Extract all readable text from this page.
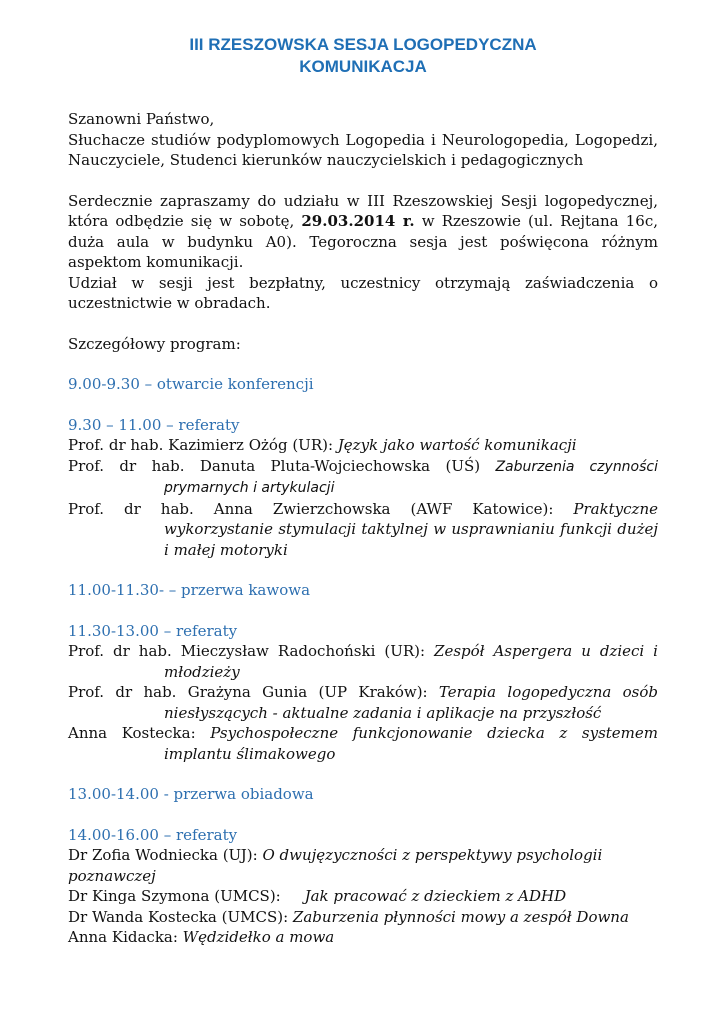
III RZESZOWSKA SESJA LOGOPEDYCZNA
KOMUNIKACJA

Szanowni Państwo,

Słuchacze studiów podyplomowych Logopedia i Neurologopedia, Logopedzi, Nauczyciele, Studenci kierunków nauczycielskich i pedagogicznych

Serdecznie zapraszamy do udziału w III Rzeszowskiej Sesji logopedycznej, która odbędzie się w sobotę, 29.03.2014 r. w Rzeszowie (ul. Rejtana 16c, duża aula w budynku A0). Tegoroczna sesja jest poświęcona różnym aspektom komunikacji.

Udział w sesji jest bezpłatny, uczestnicy otrzymają zaświadczenia o uczestnictwie w obradach.

Szczegółowy program:

9.00-9.30 – otwarcie konferencji
9.30 – 11.00 – referaty
Prof. dr hab. Kazimierz Ożóg (UR): Język jako wartość komunikacji
Prof. dr hab. Danuta Pluta-Wojciechowska (UŚ) Zaburzenia czynności prymarnych i artykulacji
Prof. dr hab. Anna Zwierzchowska (AWF Katowice): Praktyczne wykorzystanie stymulacji taktylnej w usprawnianiu funkcji dużej i małej motoryki
11.00-11.30- – przerwa kawowa
11.30-13.00 – referaty
Prof. dr hab. Mieczysław Radochoński (UR): Zespół Aspergera u dzieci i młodzieży
Prof. dr hab. Grażyna Gunia (UP Kraków): Terapia logopedyczna osób niesłyszących - aktualne zadania i aplikacje na przyszłość
Anna Kostecka: Psychospołeczne funkcjonowanie dziecka z systemem implantu ślimakowego
13.00-14.00 - przerwa obiadowa
14.00-16.00 – referaty
Dr Zofia Wodniecka (UJ): O dwujęzyczności z perspektywy psychologii poznawczej
Dr Kinga Szymona (UMCS):     Jak pracować z dzieckiem z ADHD
Dr Wanda Kostecka (UMCS): Zaburzenia płynności mowy a zespół Downa
Anna Kidacka: Wędzidełko a mowa
